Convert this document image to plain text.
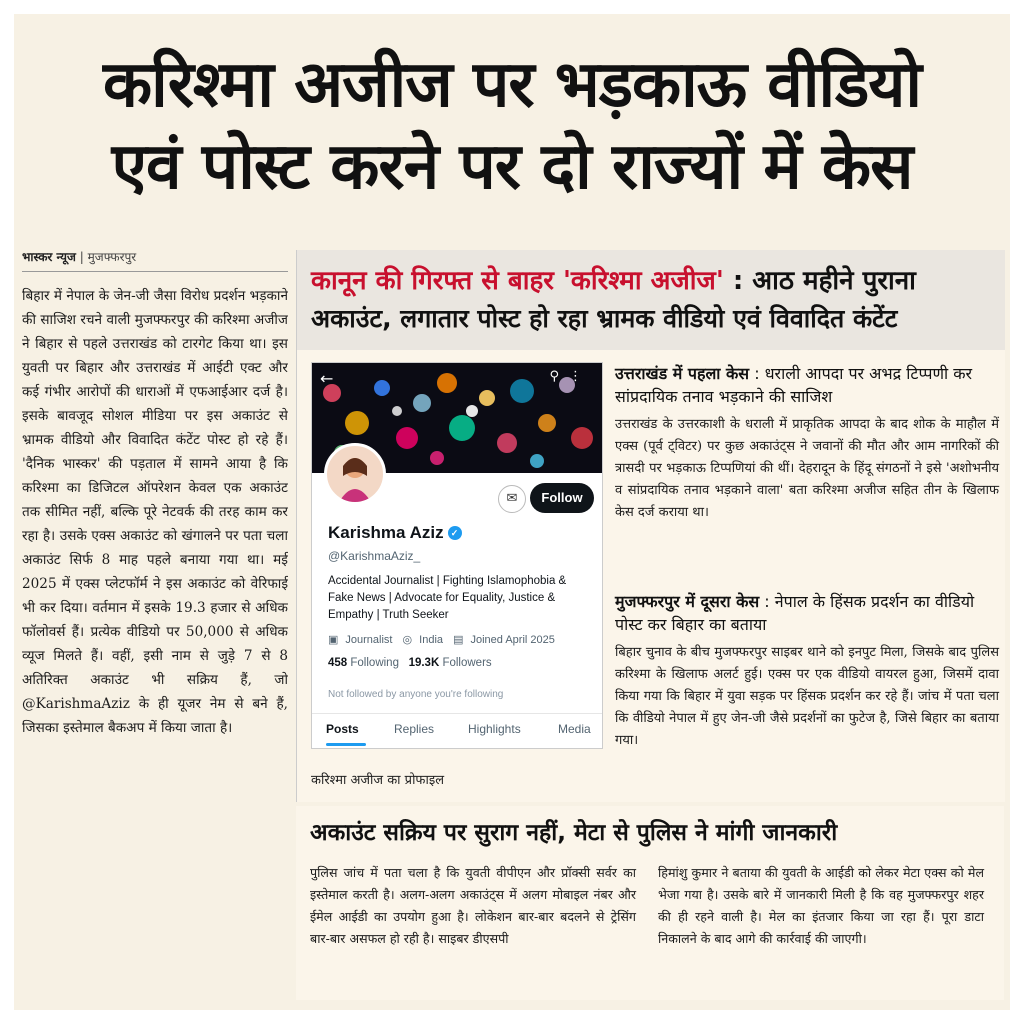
करिश्मा अजीज पर भड़काऊ वीडियो
एवं पोस्ट करने पर दो राज्यों में केस
भास्कर न्यूज | मुजफ्फरपुर

बिहार में नेपाल के जेन-जी जैसा विरोध प्रदर्शन भड़काने की साजिश रचने वाली मुजफ्फरपुर की करिश्मा अजीज ने बिहार से पहले उत्तराखंड को टारगेट किया था। इस युवती पर बिहार और उत्तराखंड में आईटी एक्ट और कई गंभीर आरोपों की धाराओं में एफआईआर दर्ज है। इसके बावजूद सोशल मीडिया पर इस अकाउंट से भ्रामक वीडियो और विवादित कंटेंट पोस्ट हो रहे हैं। 'दैनिक भास्कर' की पड़ताल में सामने आया है कि करिश्मा का डिजिटल ऑपरेशन केवल एक अकाउंट तक सीमित नहीं, बल्कि पूरे नेटवर्क की तरह काम कर रहा है। उसके एक्स अकाउंट को खंगालने पर पता चला अकाउंट सिर्फ 8 माह पहले बनाया गया था। मई 2025 में एक्स प्लेटफॉर्म ने इस अकाउंट को वेरिफाई भी कर दिया। वर्तमान में इसके 19.3 हजार से अधिक फॉलोवर्स हैं। प्रत्येक वीडियो पर 50,000 से अधिक व्यूज मिलते हैं। वहीं, इसी नाम से जुड़े 7 से 8 अतिरिक्त अकाउंट भी सक्रिय हैं, जो @KarishmaAziz के ही यूजर नेम से बने हैं, जिसका इस्तेमाल बैकअप में किया जाता है।

कानून की गिरफ्त से बाहर 'करिश्मा अजीज' : आठ महीने पुराना
अकाउंट, लगातार पोस्ट हो रहा भ्रामक वीडियो एवं विवादित कंटेंट
←	⚲⋮
✉	Follow
Karishma Aziz ✓
@KarishmaAziz_

Accidental Journalist | Fighting Islamophobia & Fake News | Advocate for Equality, Justice & Empathy | Truth Seeker

▣ Journalist ◎ India ▤ Joined April 2025
458 Following 19.3K Followers
Not followed by anyone you're following
Posts	Replies	Highlights	Media
करिश्मा अजीज का प्रोफाइल

उत्तराखंड में पहला केस : धराली आपदा पर अभद्र टिप्पणी कर सांप्रदायिक तनाव भड़काने की साजिश

उत्तराखंड के उत्तरकाशी के धराली में प्राकृतिक आपदा के बाद शोक के माहौल में एक्स (पूर्व ट्विटर) पर कुछ अकाउंट्स ने जवानों की मौत और आम नागरिकों की त्रासदी पर भड़काऊ टिप्पणियां की थीं। देहरादून के हिंदू संगठनों ने इसे 'अशोभनीय व सांप्रदायिक तनाव भड़काने वाला' बता करिश्मा अजीज सहित तीन के खिलाफ केस दर्ज कराया था।

मुजफ्फरपुर में दूसरा केस : नेपाल के हिंसक प्रदर्शन का वीडियो पोस्ट कर बिहार का बताया

बिहार चुनाव के बीच मुजफ्फरपुर साइबर थाने को इनपुट मिला, जिसके बाद पुलिस करिश्मा के खिलाफ अलर्ट हुई। एक्स पर एक वीडियो वायरल हुआ, जिसमें दावा किया गया कि बिहार में युवा सड़क पर हिंसक प्रदर्शन कर रहे हैं। जांच में पता चला कि वीडियो नेपाल में हुए जेन-जी जैसे प्रदर्शनों का फुटेज है, जिसे बिहार का बताया गया।

अकाउंट सक्रिय पर सुराग नहीं, मेटा से पुलिस ने मांगी जानकारी

पुलिस जांच में पता चला है कि युवती वीपीएन और प्रॉक्सी सर्वर का इस्तेमाल करती है। अलग-अलग अकाउंट्स में अलग मोबाइल नंबर और ईमेल आईडी का उपयोग हुआ है। लोकेशन बार-बार बदलने से ट्रेसिंग बार-बार असफल हो रही है। साइबर डीएसपी

हिमांशु कुमार ने बताया की युवती के आईडी को लेकर मेटा एक्स को मेल भेजा गया है। उसके बारे में जानकारी मिली है कि वह मुजफ्फरपुर शहर की ही रहने वाली है। मेल का इंतजार किया जा रहा हैं। पूरा डाटा निकालने के बाद आगे की कार्रवाई की जाएगी।
